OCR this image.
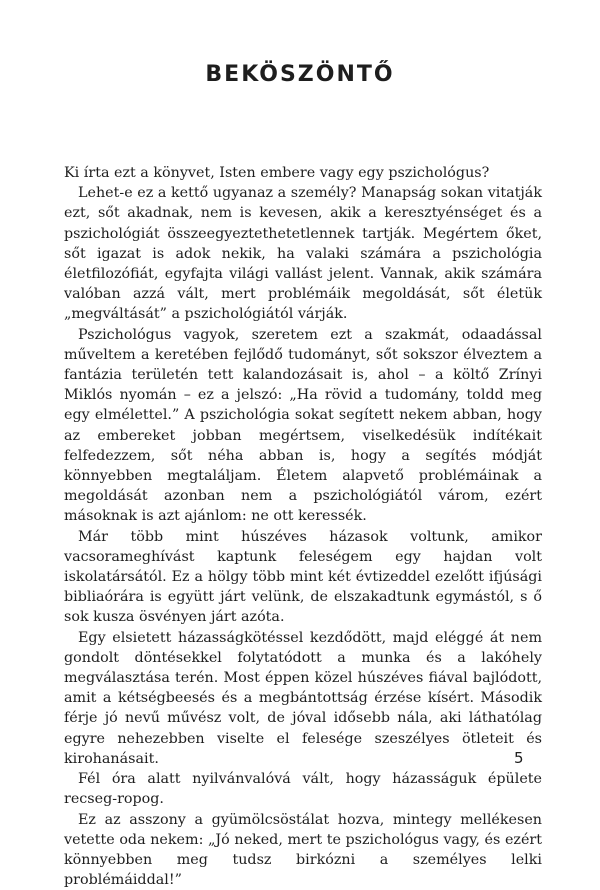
BEKÖSZÖNTŐ

Ki írta ezt a könyvet, Isten embere vagy egy pszichológus?

Lehet-e ez a kettő ugyanaz a személy? Manapság sokan vitatják ezt, sőt akadnak, nem is kevesen, akik a keresztyénséget és a pszichológiát összeegyeztethetetlennek tartják. Megértem őket, sőt igazat is adok nekik, ha valaki számára a pszichológia életfilozófiát, egyfajta világi vallást jelent. Vannak, akik számára valóban azzá vált, mert problémáik megoldását, sőt életük „megváltását” a pszichológiától várják.

Pszichológus vagyok, szeretem ezt a szakmát, odaadással műveltem a keretében fejlődő tudományt, sőt sokszor élveztem a fantázia területén tett kalandozásait is, ahol – a költő Zrínyi Miklós nyomán – ez a jelszó: „Ha rövid a tudomány, toldd meg egy elmélettel.” A pszichológia sokat segített nekem abban, hogy az embereket jobban megértsem, viselkedésük indítékait felfedezzem, sőt néha abban is, hogy a segítés módját könnyebben megtaláljam. Életem alapvető problémáinak a megoldását azonban nem a pszichológiától várom, ezért másoknak is azt ajánlom: ne ott keressék.

Már több mint húszéves házasok voltunk, amikor vacsorameghívást kaptunk feleségem egy hajdan volt iskolatársától. Ez a hölgy több mint két évtizeddel ezelőtt ifjúsági bibliaórára is együtt járt velünk, de elszakadtunk egymástól, s ő sok kusza ösvényen járt azóta.

Egy elsietett házasságkötéssel kezdődött, majd eléggé át nem gondolt döntésekkel folytatódott a munka és a lakóhely megválasztása terén. Most éppen közel húszéves fiával bajlódott, amit a kétségbeesés és a megbántottság érzése kísért. Második férje jó nevű művész volt, de jóval idősebb nála, aki láthatólag egyre nehezebben viselte el felesége szeszélyes ötleteit és kirohanásait.

Fél óra alatt nyilvánvalóvá vált, hogy házasságuk épülete recseg-ropog.

Ez az asszony a gyümölcsöstálat hozva, mintegy mellékesen vetette oda nekem: „Jó neked, mert te pszichológus vagy, és ezért könnyebben meg tudsz birkózni a személyes lelki problémáiddal!”

5
